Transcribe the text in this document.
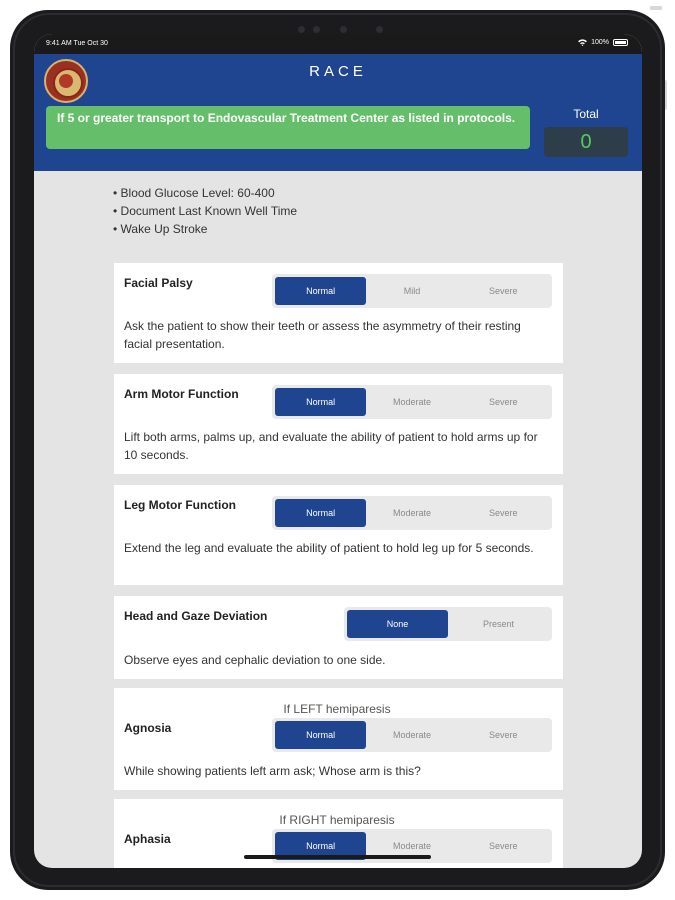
9:41 AM Tue Oct 30	100%
RACE
If 5 or greater transport to Endovascular Treatment Center as listed in protocols.	Total
0
• Blood Glucose Level: 60-400
• Document Last Known Well Time
• Wake Up Stroke
Facial Palsy
Normal	Mild	Severe
Ask the patient to show their teeth or assess the asymmetry of their resting facial presentation.
Arm Motor Function
Normal	Moderate	Severe
Lift both arms, palms up, and evaluate the ability of patient to hold arms up for 10 seconds.
Leg Motor Function
Normal	Moderate	Severe
Extend the leg and evaluate the ability of patient to hold leg up for 5 seconds.
Head and Gaze Deviation
None	Present
Observe eyes and cephalic deviation to one side.
If LEFT hemiparesis
Agnosia	Normal	Moderate	Severe
While showing patients left arm ask; Whose arm is this?
If RIGHT hemiparesis
Aphasia	Normal	Moderate	Severe
